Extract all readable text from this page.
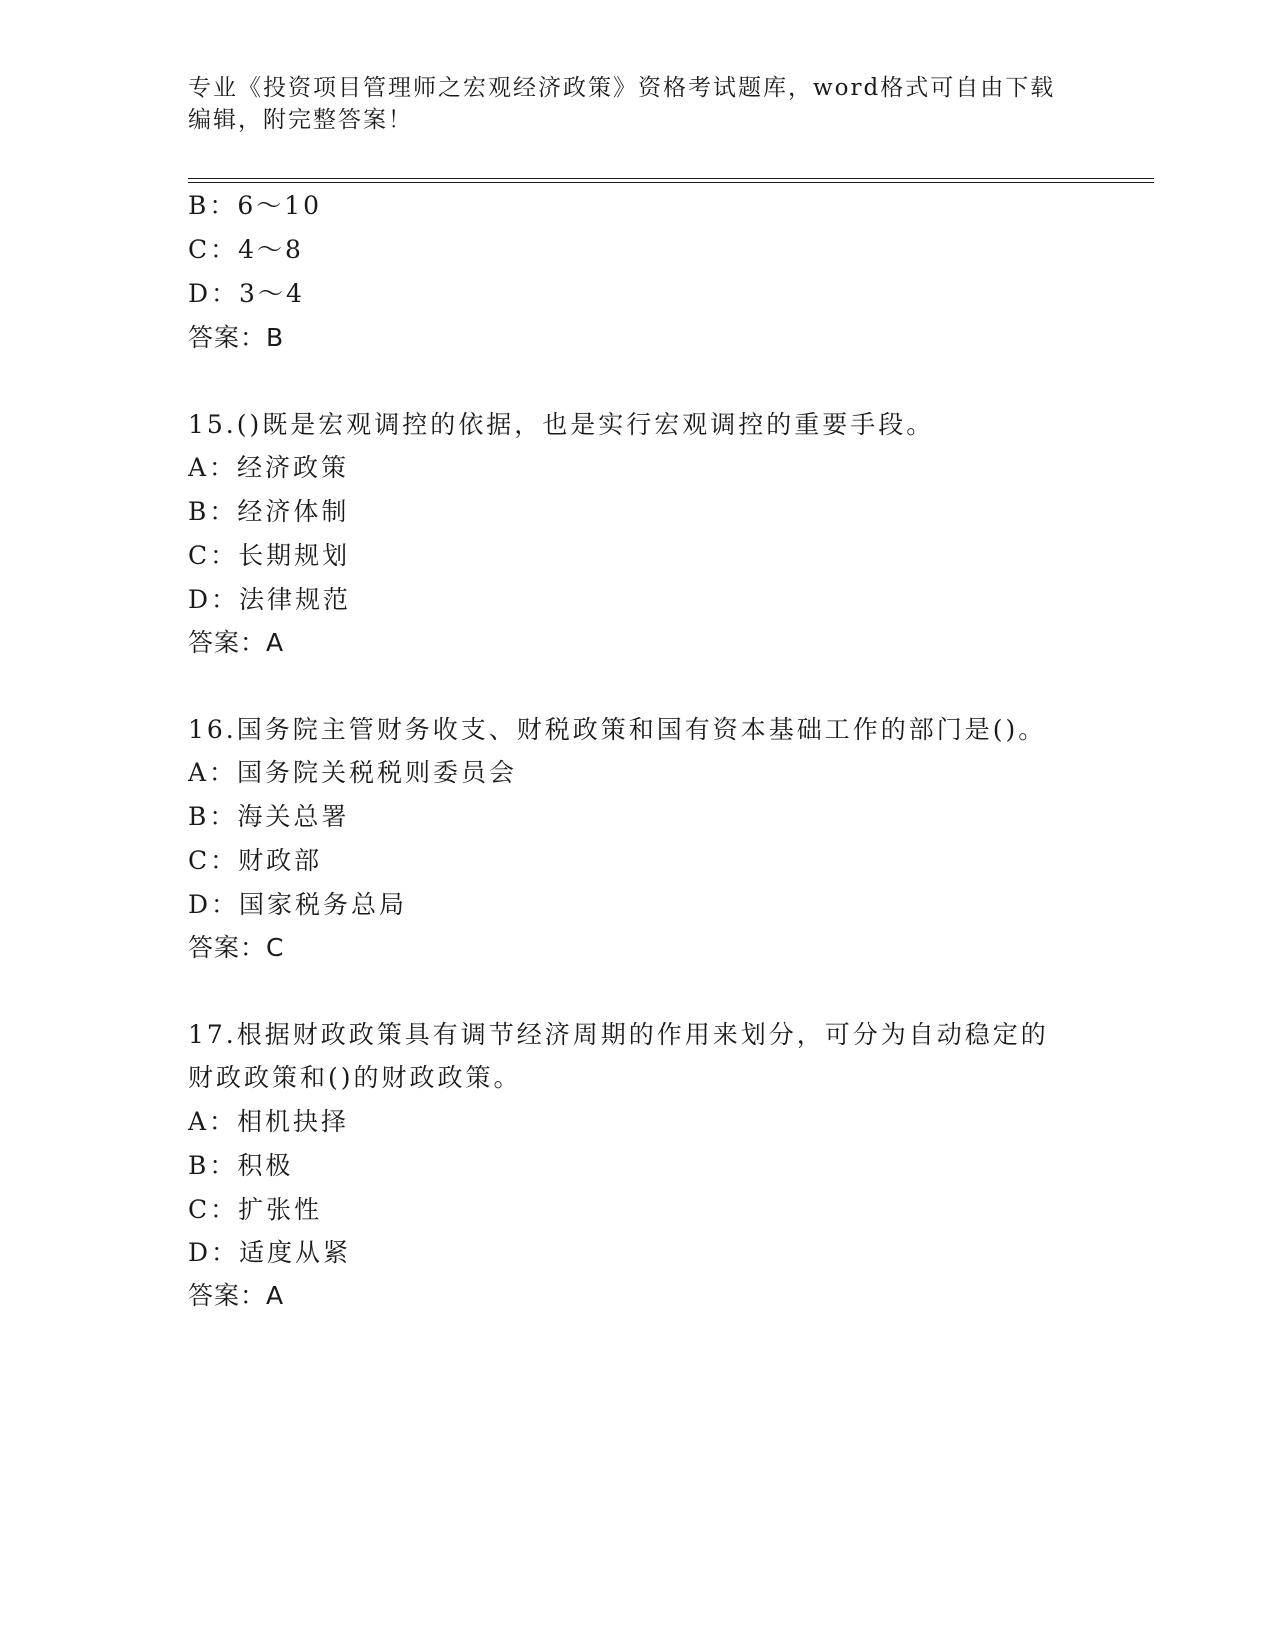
专业《投资项目管理师之宏观经济政策》资格考试题库，word格式可自由下载编辑，附完整答案！
B：6～10
C：4～8
D：3～4
答案：B
15.()既是宏观调控的依据，也是实行宏观调控的重要手段。
A：经济政策
B：经济体制
C：长期规划
D：法律规范
答案：A
16.国务院主管财务收支、财税政策和国有资本基础工作的部门是()。
A：国务院关税税则委员会
B：海关总署
C：财政部
D：国家税务总局
答案：C
17.根据财政政策具有调节经济周期的作用来划分，可分为自动稳定的
财政政策和()的财政政策。
A：相机抉择
B：积极
C：扩张性
D：适度从紧
答案：A
